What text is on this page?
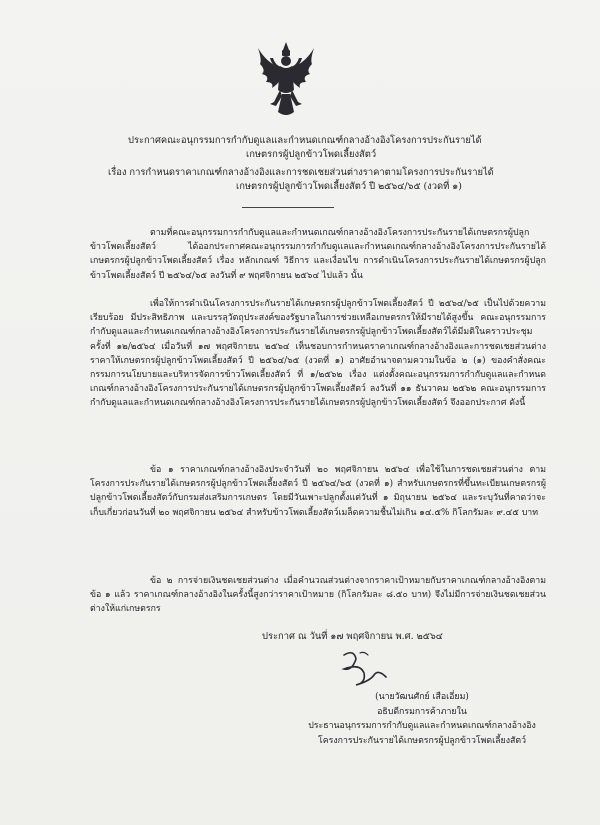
ประกาศคณะอนุกรรมการกำกับดูแลและกำหนดเกณฑ์กลางอ้างอิงโครงการประกันรายได้
เกษตรกรผู้ปลูกข้าวโพดเลี้ยงสัตว์
เรื่อง การกำหนดราคาเกณฑ์กลางอ้างอิงและการชดเชยส่วนต่างราคาตามโครงการประกันรายได้
เกษตรกรผู้ปลูกข้าวโพดเลี้ยงสัตว์ ปี ๒๕๖๔/๖๕ (งวดที่ ๑)
ตามที่คณะอนุกรรมการกำกับดูแลและกำหนดเกณฑ์กลางอ้างอิงโครงการประกันรายได้เกษตรกรผู้ปลูกข้าวโพดเลี้ยงสัตว์ ได้ออกประกาศคณะอนุกรรมการกำกับดูแลและกำหนดเกณฑ์กลางอ้างอิงโครงการประกันรายได้เกษตรกรผู้ปลูกข้าวโพดเลี้ยงสัตว์ เรื่อง หลักเกณฑ์ วิธีการ และเงื่อนไข การดำเนินโครงการประกันรายได้เกษตรกรผู้ปลูกข้าวโพดเลี้ยงสัตว์ ปี ๒๕๖๔/๖๕ ลงวันที่ ๙ พฤศจิกายน ๒๕๖๔ ไปแล้ว นั้น
เพื่อให้การดำเนินโครงการประกันรายได้เกษตรกรผู้ปลูกข้าวโพดเลี้ยงสัตว์ ปี ๒๕๖๔/๖๕ เป็นไปด้วยความเรียบร้อย มีประสิทธิภาพ และบรรลุวัตถุประสงค์ของรัฐบาลในการช่วยเหลือเกษตรกรให้มีรายได้สูงขึ้น คณะอนุกรรมการกำกับดูแลและกำหนดเกณฑ์กลางอ้างอิงโครงการประกันรายได้เกษตรกรผู้ปลูกข้าวโพดเลี้ยงสัตว์ได้มีมติในคราวประชุม ครั้งที่ ๑๒/๒๕๖๔ เมื่อวันที่ ๑๗ พฤศจิกายน ๒๕๖๔ เห็นชอบการกำหนดราคาเกณฑ์กลางอ้างอิงและการชดเชยส่วนต่างราคาให้เกษตรกรผู้ปลูกข้าวโพดเลี้ยงสัตว์ ปี ๒๕๖๔/๖๕ (งวดที่ ๑) อาศัยอำนาจตามความในข้อ ๒ (๑) ของคำสั่งคณะกรรมการนโยบายและบริหารจัดการข้าวโพดเลี้ยงสัตว์ ที่ ๑/๒๕๖๒ เรื่อง แต่งตั้งคณะอนุกรรมการกำกับดูแลและกำหนดเกณฑ์กลางอ้างอิงโครงการประกันรายได้เกษตรกรผู้ปลูกข้าวโพดเลี้ยงสัตว์ ลงวันที่ ๑๑ ธันวาคม ๒๕๖๒ คณะอนุกรรมการกำกับดูแลและกำหนดเกณฑ์กลางอ้างอิงโครงการประกันรายได้เกษตรกรผู้ปลูกข้าวโพดเลี้ยงสัตว์ จึงออกประกาศ ดังนี้
ข้อ ๑ ราคาเกณฑ์กลางอ้างอิงประจำวันที่ ๒๐ พฤศจิกายน ๒๕๖๔ เพื่อใช้ในการชดเชยส่วนต่าง ตามโครงการประกันรายได้เกษตรกรผู้ปลูกข้าวโพดเลี้ยงสัตว์ ปี ๒๕๖๔/๖๕ (งวดที่ ๑) สำหรับเกษตรกรที่ขึ้นทะเบียนเกษตรกรผู้ปลูกข้าวโพดเลี้ยงสัตว์กับกรมส่งเสริมการเกษตร โดยมีวันเพาะปลูกตั้งแต่วันที่ ๑ มิถุนายน ๒๕๖๔ และระบุวันที่คาดว่าจะเก็บเกี่ยวก่อนวันที่ ๒๐ พฤศจิกายน ๒๕๖๔ สำหรับข้าวโพดเลี้ยงสัตว์เมล็ดความชื้นไม่เกิน ๑๔.๕% กิโลกรัมละ ๙.๔๕ บาท
ข้อ ๒ การจ่ายเงินชดเชยส่วนต่าง เมื่อคำนวณส่วนต่างจากราคาเป้าหมายกับราคาเกณฑ์กลางอ้างอิงตามข้อ ๑ แล้ว ราคาเกณฑ์กลางอ้างอิงในครั้งนี้สูงกว่าราคาเป้าหมาย (กิโลกรัมละ ๘.๕๐ บาท) จึงไม่มีการจ่ายเงินชดเชยส่วนต่างให้แก่เกษตรกร
ประกาศ ณ วันที่ ๑๗ พฤศจิกายน พ.ศ. ๒๕๖๔
(นายวัฒนศักย์ เสือเอี่ยม)
อธิบดีกรมการค้าภายใน
ประธานอนุกรรมการกำกับดูแลและกำหนดเกณฑ์กลางอ้างอิง
โครงการประกันรายได้เกษตรกรผู้ปลูกข้าวโพดเลี้ยงสัตว์
